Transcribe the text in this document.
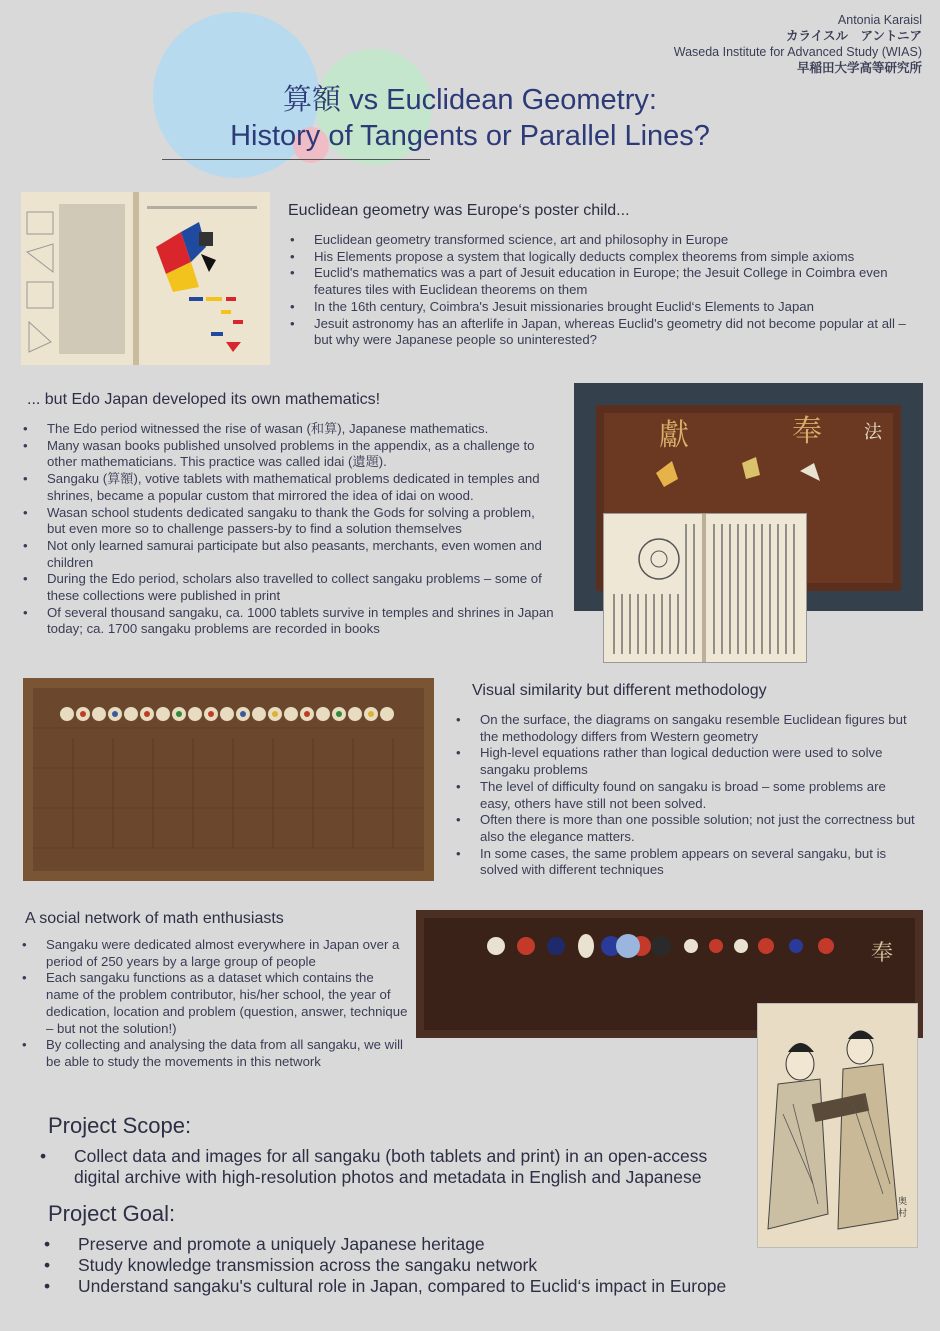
Antonia Karaisl
カライスル　アントニア
Waseda Institute for Advanced Study (WIAS)
早稲田大学高等研究所
算額 vs Euclidean Geometry:
History of Tangents or Parallel Lines?
Euclidean geometry was Europe‘s poster child...
• Euclidean geometry transformed science, art and philosophy in Europe
• His Elements propose a system that logically deducts complex theorems from simple axioms
• Euclid's mathematics was a part of Jesuit education in Europe; the Jesuit College in Coimbra even features tiles with Euclidean theorems on them
• In the 16th century, Coimbra's Jesuit missionaries brought Euclid‘s Elements to Japan
• Jesuit astronomy has an afterlife in Japan, whereas Euclid's geometry did not become popular at all – but why were Japanese people so uninterested?
... but Edo Japan developed its own mathematics!
• The Edo period witnessed the rise of wasan (和算), Japanese mathematics.
• Many wasan books published unsolved problems in the appendix, as a challenge to other mathematicians. This practice was called idai (遺題).
• Sangaku (算額), votive tablets with mathematical problems dedicated in temples and shrines, became a popular custom that mirrored the idea of idai on wood.
• Wasan school students dedicated sangaku to thank the Gods for solving a problem, but even more so to challenge passers-by to find a solution themselves
• Not only learned samurai participate but also peasants, merchants, even women and children
• During the Edo period, scholars also travelled to collect sangaku problems – some of these collections were published in print
• Of several thousand sangaku, ca. 1000 tablets survive in temples and shrines in Japan today; ca. 1700 sangaku problems are recorded in books
獻	奉 法
Visual similarity but different methodology
• On the surface, the diagrams on sangaku resemble Euclidean figures but the methodology differs from Western geometry
• High-level equations rather than logical deduction were used to solve sangaku problems
• The level of difficulty found on sangaku is broad – some problems are easy, others have still not been solved.
• Often there is more than one possible solution; not just the correctness but also the elegance matters.
• In some cases, the same problem appears on several sangaku, but is solved with different techniques
A social network of math enthusiasts
• Sangaku were dedicated almost everywhere in Japan over a period of 250 years by a large group of people
• Each sangaku functions as a dataset which contains the name of the problem contributor, his/her school, the year of dedication, location and problem (question, answer, technique – but not the solution!)
• By collecting and analysing the data from all sangaku, we will be able to study the movements in this network
奉
奥
村
Project Scope:
• Collect data and images for all sangaku (both tablets and print) in an open-access digital archive with high-resolution photos and metadata in English and Japanese
Project Goal:
• Preserve and promote a uniquely Japanese heritage
• Study knowledge transmission across the sangaku network
• Understand sangaku's cultural role in Japan, compared to Euclid‘s impact in Europe
